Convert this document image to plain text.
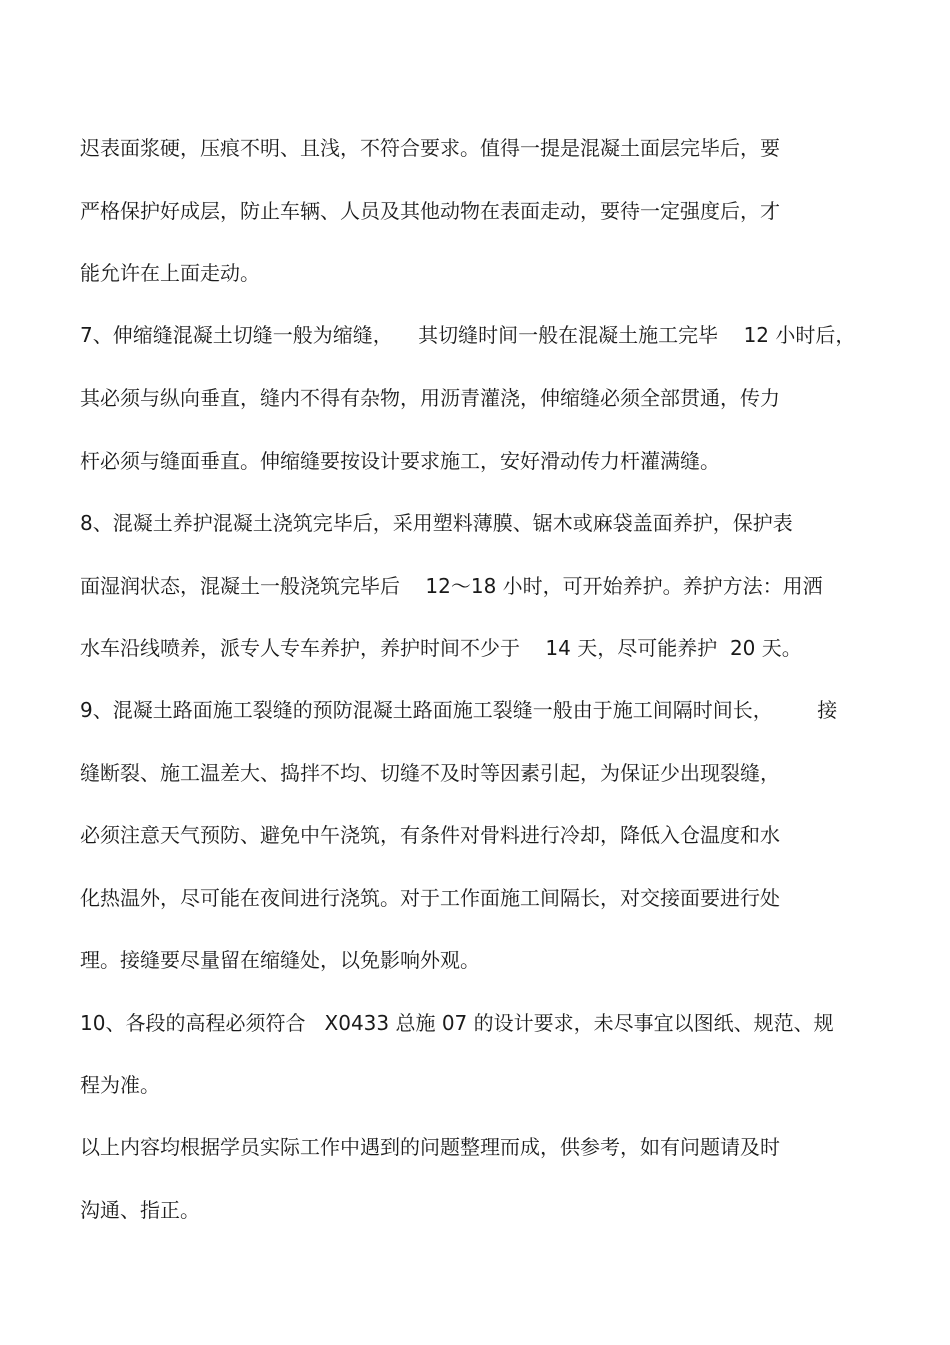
迟表面浆硬，压痕不明、且浅，不符合要求。值得一提是混凝土面层完毕后，要

严格保护好成层，防止车辆、人员及其他动物在表面走动，要待一定强度后，才

能允许在上面走动。

7、伸缩缝混凝土切缝一般为缩缝，    其切缝时间一般在混凝土施工完毕    12 小时后，

其必须与纵向垂直，缝内不得有杂物，用沥青灌浇，伸缩缝必须全部贯通，传力

杆必须与缝面垂直。伸缩缝要按设计要求施工，安好滑动传力杆灌满缝。

8、混凝土养护混凝土浇筑完毕后，采用塑料薄膜、锯木或麻袋盖面养护，保护表

面湿润状态，混凝土一般浇筑完毕后    12～18 小时，可开始养护。养护方法：用洒

水车沿线喷养，派专人专车养护，养护时间不少于    14 天，尽可能养护  20 天。

9、混凝土路面施工裂缝的预防混凝土路面施工裂缝一般由于施工间隔时间长，       接

缝断裂、施工温差大、捣拌不均、切缝不及时等因素引起，为保证少出现裂缝，

必须注意天气预防、避免中午浇筑，有条件对骨料进行冷却，降低入仓温度和水

化热温外，尽可能在夜间进行浇筑。对于工作面施工间隔长，对交接面要进行处

理。接缝要尽量留在缩缝处，以免影响外观。

10、各段的高程必须符合   X0433 总施 07 的设计要求，未尽事宜以图纸、规范、规

程为准。

以上内容均根据学员实际工作中遇到的问题整理而成，供参考，如有问题请及时

沟通、指正。
